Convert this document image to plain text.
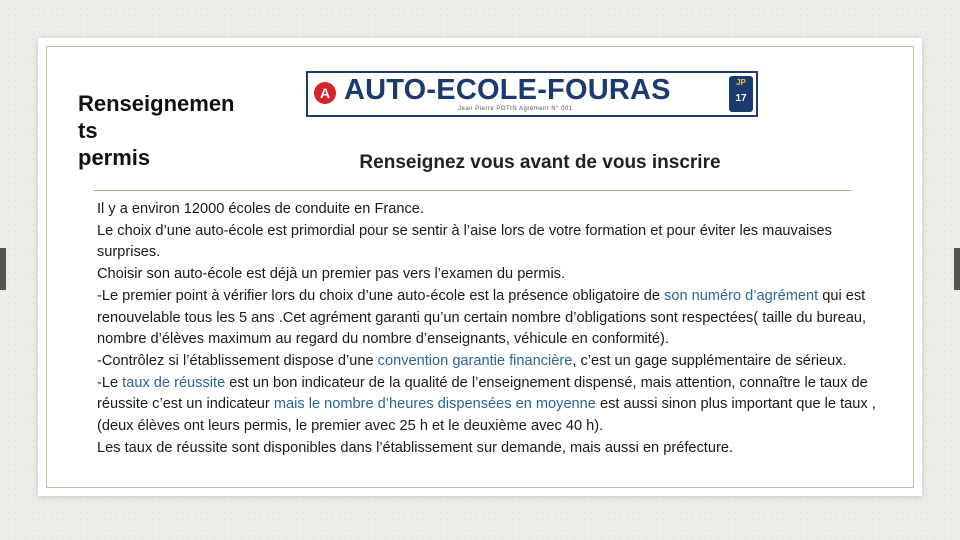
Renseignemen
ts
permis
A AUTO-ECOLE-FOURAS
Jean Pierre POTIN Agrément N° 001
JP
17
Renseignez vous avant de vous inscrire

Il y a environ 12000 écoles de conduite en France.

Le choix d’une auto-école est primordial pour se sentir à l’aise lors de votre formation et pour éviter les mauvaises surprises.

Choisir son auto-école est déjà un premier pas vers l’examen du permis.

-Le premier point à vérifier lors du choix d’une auto-école est la présence obligatoire de son numéro d’agrément qui est renouvelable tous les 5 ans .Cet agrément garanti qu’un certain nombre d’obligations sont respectées( taille du bureau, nombre d’élèves maximum au regard du nombre d’enseignants, véhicule en conformité).

-Contrôlez si l’établissement dispose d’une convention garantie financière, c’est un gage supplémentaire de sérieux.

-Le taux de réussite est un bon indicateur de la qualité de l’enseignement dispensé, mais attention, connaître le taux de réussite c’est un indicateur mais le nombre d’heures dispensées en moyenne est aussi sinon plus important que le taux , (deux élèves ont leurs permis, le premier avec 25 h et le deuxième avec 40 h).

Les taux de réussite sont disponibles dans l’établissement sur demande, mais aussi en préfecture.
